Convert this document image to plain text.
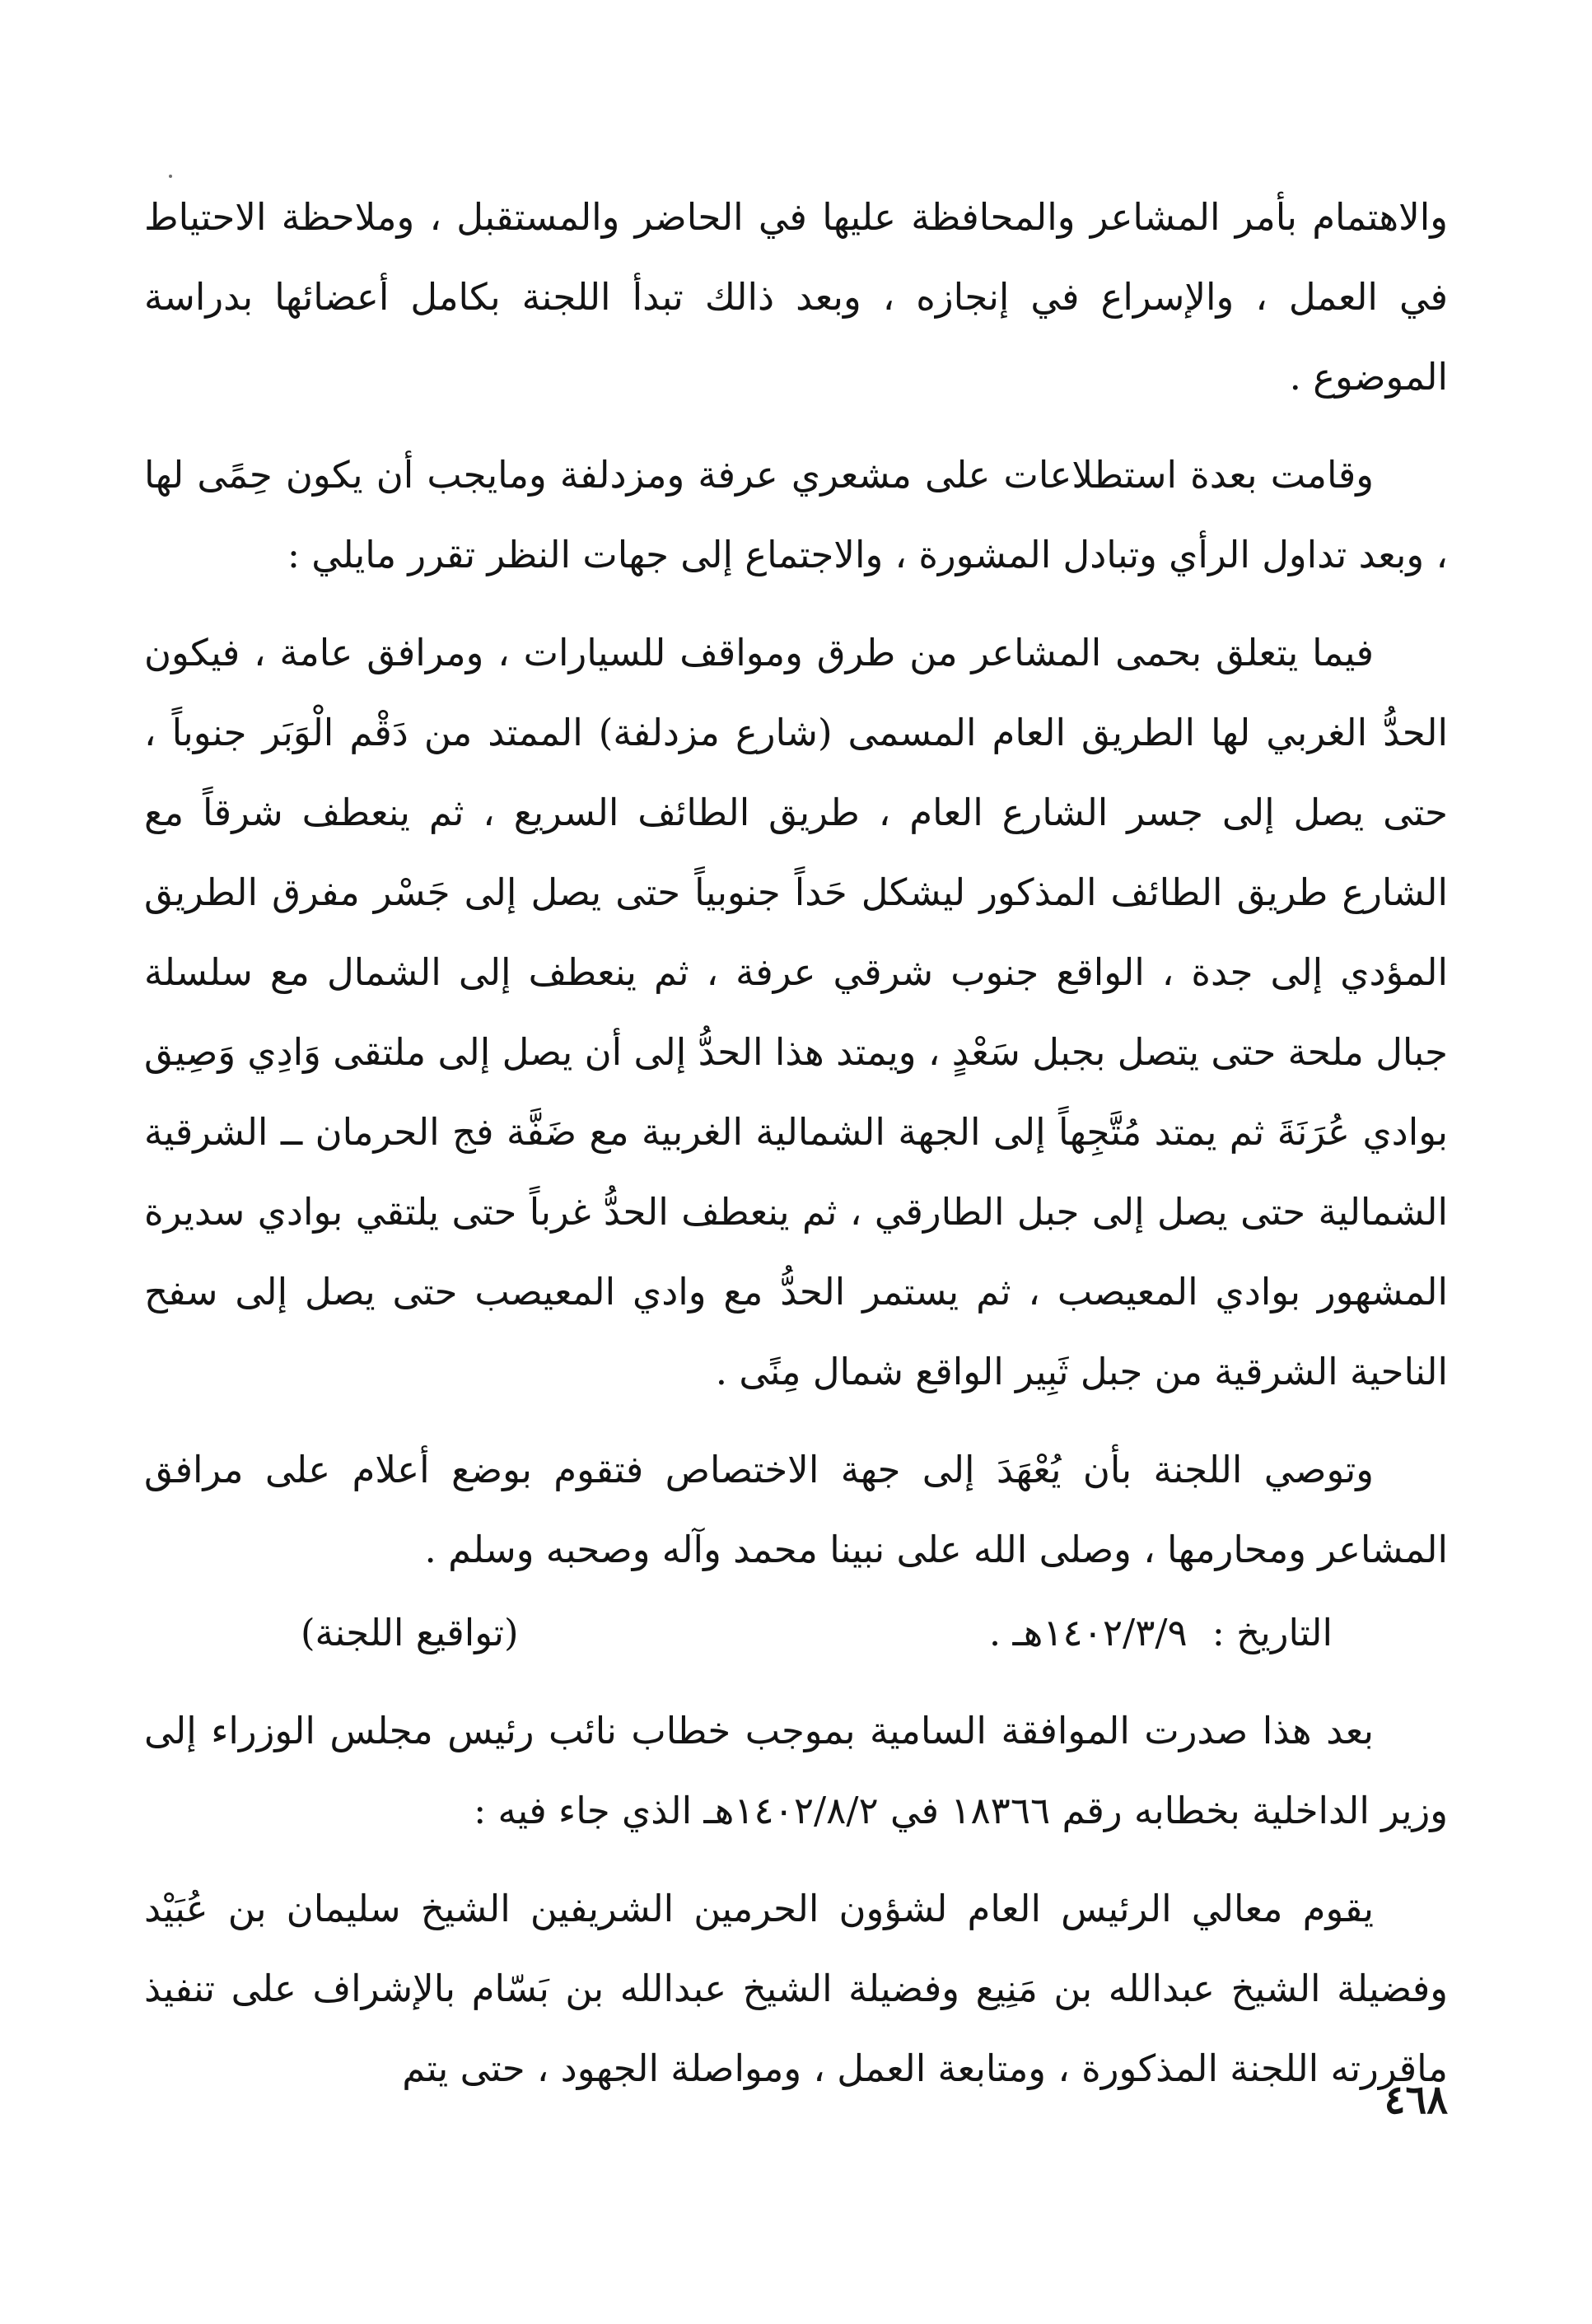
والاهتمام بأمر المشاعر والمحافظة عليها في الحاضر والمستقبل ، وملاحظة الاحتياط في العمل ، والإسراع في إنجازه ، وبعد ذالك تبدأ اللجنة بكامل أعضائها بدراسة الموضوع .

وقامت بعدة استطلاعات على مشعري عرفة ومزدلفة ومايجب أن يكون حِمًى لها ، وبعد تداول الرأي وتبادل المشورة ، والاجتماع إلى جهات النظر تقرر مايلي :

فيما يتعلق بحمى المشاعر من طرق ومواقف للسيارات ، ومرافق عامة ، فيكون الحدُّ الغربي لها الطريق العام المسمى (شارع مزدلفة) الممتد من دَقْم الْوَبَر جنوباً ، حتى يصل إلى جسر الشارع العام ، طريق الطائف السريع ، ثم ينعطف شرقاً مع الشارع طريق الطائف المذكور ليشكل حَداً جنوبياً حتى يصل إلى جَسْر مفرق الطريق المؤدي إلى جدة ، الواقع جنوب شرقي عرفة ، ثم ينعطف إلى الشمال مع سلسلة جبال ملحة حتى يتصل بجبل سَعْدٍ ، ويمتد هذا الحدُّ إلى أن يصل إلى ملتقى وَادِي وَصِيق بوادي عُرَنَةَ ثم يمتد مُتَّجِهاً إلى الجهة الشمالية الغربية مع ضَفَّة فج الحرمان ــ الشرقية الشمالية حتى يصل إلى جبل الطارقي ، ثم ينعطف الحدُّ غرباً حتى يلتقي بوادي سديرة المشهور بوادي المعيصب ، ثم يستمر الحدُّ مع وادي المعيصب حتى يصل إلى سفح الناحية الشرقية من جبل ثَبِير الواقع شمال مِنًى .

وتوصي اللجنة بأن يُعْهَدَ إلى جهة الاختصاص فتقوم بوضع أعلام على مرافق المشاعر ومحارمها ، وصلى الله على نبينا محمد وآله وصحبه وسلم .

التاريخ :
١٤٠٢/٣/٩هـ .
(تواقيع اللجنة)

بعد هذا صدرت الموافقة السامية بموجب خطاب نائب رئيس مجلس الوزراء إلى وزير الداخلية بخطابه رقم ١٨٣٦٦ في ١٤٠٢/٨/٢هـ الذي جاء فيه :

يقوم معالي الرئيس العام لشؤون الحرمين الشريفين الشيخ سليمان بن عُبَيْد وفضيلة الشيخ عبدالله بن مَنِيع وفضيلة الشيخ عبدالله بن بَسّام بالإشراف على تنفيذ ماقررته اللجنة المذكورة ، ومتابعة العمل ، ومواصلة الجهود ، حتى يتم

٤٦٨
